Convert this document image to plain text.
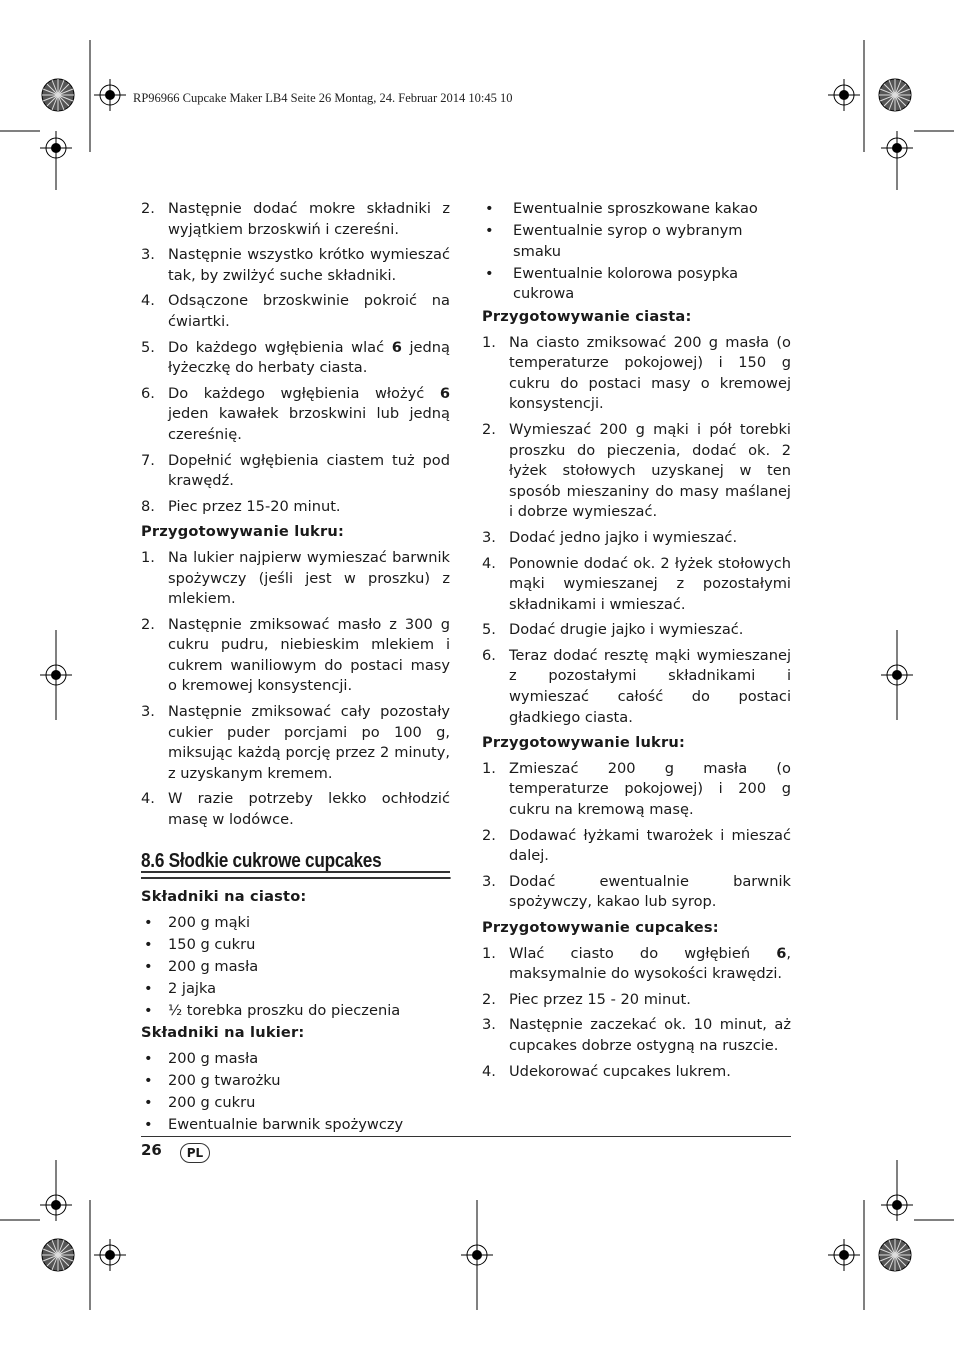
RP96966 Cupcake Maker LB4 Seite 26 Montag, 24. Februar 2014 10:45 10
2. Następnie dodać mokre składniki z wyjątkiem brzoskwiń i czereśni.
3. Następnie wszystko krótko wymieszać tak, by zwilżyć suche składniki.
4. Odsączone brzoskwinie pokroić na ćwiartki.
5. Do każdego wgłębienia wlać 6 jedną łyżeczkę do herbaty ciasta.
6. Do każdego wgłębienia włożyć 6 jeden kawałek brzoskwini lub jedną czereśnię.
7. Dopełnić wgłębienia ciastem tuż pod krawędź.
8. Piec przez 15-20 minut.
Przygotowywanie lukru:
1. Na lukier najpierw wymieszać barwnik spożywczy (jeśli jest w proszku) z mlekiem.
2. Następnie zmiksować masło z 300 g cukru pudru, niebieskim mlekiem i cukrem waniliowym do postaci masy o kremowej konsystencji.
3. Następnie zmiksować cały pozostały cukier puder porcjami po 100 g, miksując każdą porcję przez 2 minuty, z uzyskanym kremem.
4. W razie potrzeby lekko ochłodzić masę w lodówce.
8.6 Słodkie cukrowe cupcakes
Składniki na ciasto:
• 200 g mąki
• 150 g cukru
• 200 g masła
• 2 jajka
• ½ torebka proszku do pieczenia
Składniki na lukier:
• 200 g masła
• 200 g twarożku
• 200 g cukru
• Ewentualnie barwnik spożywczy
• Ewentualnie sproszkowane kakao
• Ewentualnie syrop o wybranym smaku
• Ewentualnie kolorowa posypka cukrowa
Przygotowywanie ciasta:
1. Na ciasto zmiksować 200 g masła (o temperaturze pokojowej) i 150 g cukru do postaci masy o kremowej konsystencji.
2. Wymieszać 200 g mąki i pół torebki proszku do pieczenia, dodać ok. 2 łyżek stołowych uzyskanej w ten sposób mieszaniny do masy maślanej i dobrze wymieszać.
3. Dodać jedno jajko i wymieszać.
4. Ponownie dodać ok. 2 łyżek stołowych mąki wymieszanej z pozostałymi składnikami i wmieszać.
5. Dodać drugie jajko i wymieszać.
6. Teraz dodać resztę mąki wymieszanej z pozostałymi składnikami i wymieszać całość do postaci gładkiego ciasta.
Przygotowywanie lukru:
1. Zmieszać 200 g masła (o temperaturze pokojowej) i 200 g cukru na kremową masę.
2. Dodawać łyżkami twarożek i mieszać dalej.
3. Dodać ewentualnie barwnik spożywczy, kakao lub syrop.
Przygotowywanie cupcakes:
1. Wlać ciasto do wgłębień 6, maksymalnie do wysokości krawędzi.
2. Piec przez 15 - 20 minut.
3. Następnie zaczekać ok. 10 minut, aż cupcakes dobrze ostygną na ruszcie.
4. Udekorować cupcakes lukrem.
26	PL
